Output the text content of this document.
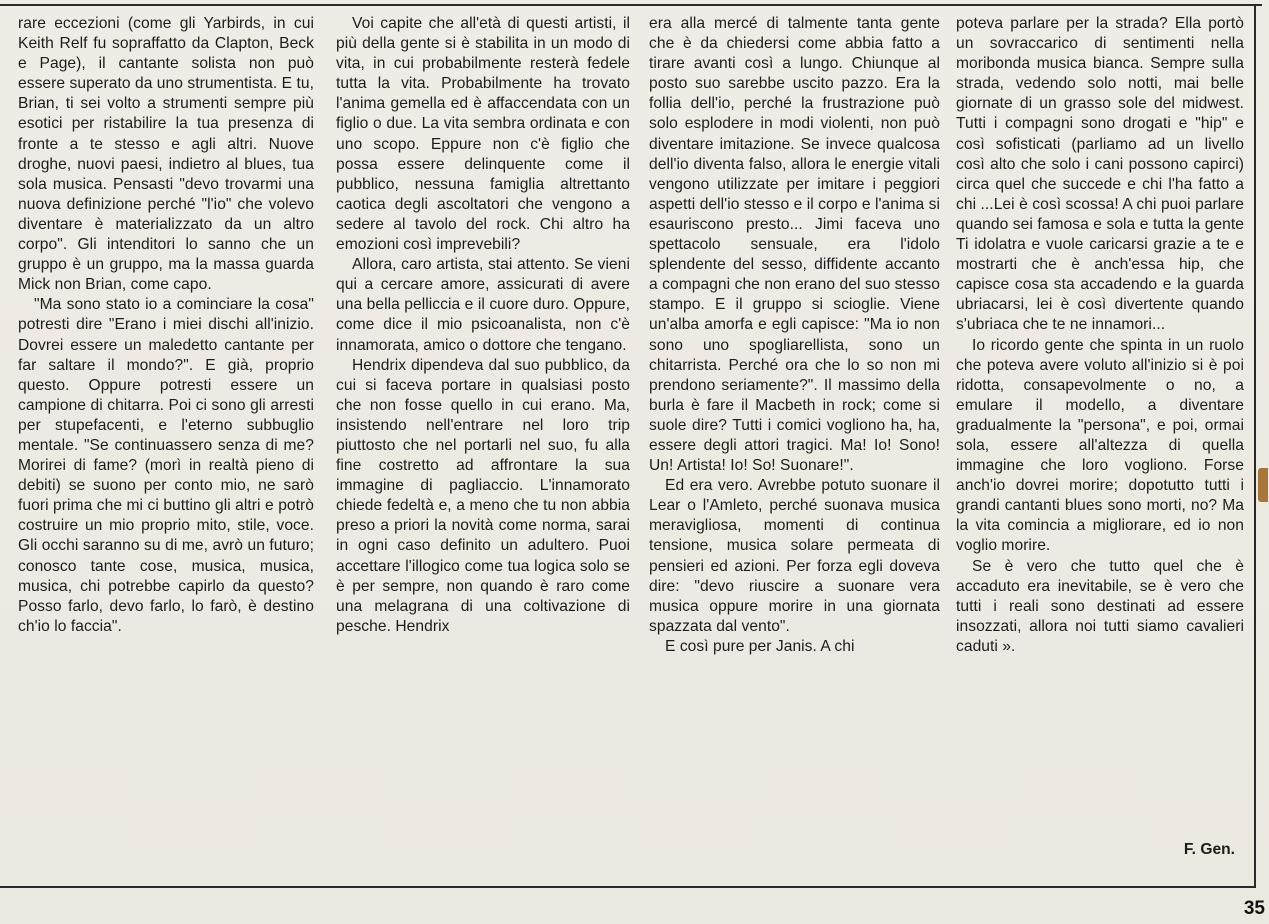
rare eccezioni (come gli Yarbirds, in cui Keith Relf fu sopraffatto da Clapton, Beck e Page), il cantante solista non può essere superato da uno strumentista. E tu, Brian, ti sei volto a strumenti sempre più esotici per ristabilire la tua presenza di fronte a te stesso e agli altri. Nuove droghe, nuovi paesi, indietro al blues, tua sola musica. Pensasti "devo trovarmi una nuova definizione perché "l'io" che volevo diventare è materializzato da un altro corpo". Gli intenditori lo sanno che un gruppo è un gruppo, ma la massa guarda Mick non Brian, come capo.

"Ma sono stato io a cominciare la cosa" potresti dire "Erano i miei dischi all'inizio. Dovrei essere un maledetto cantante per far saltare il mondo?". E già, proprio questo. Oppure potresti essere un campione di chitarra. Poi ci sono gli arresti per stupefacenti, e l'eterno subbuglio mentale. "Se continuassero senza di me? Morirei di fame? (morì in realtà pieno di debiti) se suono per conto mio, ne sarò fuori prima che mi ci buttino gli altri e potrò costruire un mio proprio mito, stile, voce. Gli occhi saranno su di me, avrò un futuro; conosco tante cose, musica, musica, musica, chi potrebbe capirlo da questo? Posso farlo, devo farlo, lo farò, è destino ch'io lo faccia".

Voi capite che all'età di questi artisti, il più della gente si è stabilita in un modo di vita, in cui probabilmente resterà fedele tutta la vita. Probabilmente ha trovato l'anima gemella ed è affaccendata con un figlio o due. La vita sembra ordinata e con uno scopo. Eppure non c'è figlio che possa essere delinquente come il pubblico, nessuna famiglia altrettanto caotica degli ascoltatori che vengono a sedere al tavolo del rock. Chi altro ha emozioni così imprevebili?

Allora, caro artista, stai attento. Se vieni qui a cercare amore, assicurati di avere una bella pelliccia e il cuore duro. Oppure, come dice il mio psicoanalista, non c'è innamorata, amico o dottore che tengano.

Hendrix dipendeva dal suo pubblico, da cui si faceva portare in qualsiasi posto che non fosse quello in cui erano. Ma, insistendo nell'entrare nel loro trip piuttosto che nel portarli nel suo, fu alla fine costretto ad affrontare la sua immagine di pagliaccio. L'innamorato chiede fedeltà e, a meno che tu non abbia preso a priori la novità come norma, sarai in ogni caso definito un adultero. Puoi accettare l'illogico come tua logica solo se è per sempre, non quando è raro come una melagrana di una coltivazione di pesche. Hendrix

era alla mercé di talmente tanta gente che è da chiedersi come abbia fatto a tirare avanti così a lungo. Chiunque al posto suo sarebbe uscito pazzo. Era la follia dell'io, perché la frustrazione può solo esplodere in modi violenti, non può diventare imitazione. Se invece qualcosa dell'io diventa falso, allora le energie vitali vengono utilizzate per imitare i peggiori aspetti dell'io stesso e il corpo e l'anima si esauriscono presto... Jimi faceva uno spettacolo sensuale, era l'idolo splendente del sesso, diffidente accanto a compagni che non erano del suo stesso stampo. E il gruppo si scioglie. Viene un'alba amorfa e egli capisce: "Ma io non sono uno spogliarellista, sono un chitarrista. Perché ora che lo so non mi prendono seriamente?". Il massimo della burla è fare il Macbeth in rock; come si suole dire? Tutti i comici vogliono ha, ha, essere degli attori tragici. Ma! Io! Sono! Un! Artista! Io! So! Suonare!".

Ed era vero. Avrebbe potuto suonare il Lear o l'Amleto, perché suonava musica meravigliosa, momenti di continua tensione, musica solare permeata di pensieri ed azioni. Per forza egli doveva dire: "devo riuscire a suonare vera musica oppure morire in una giornata spazzata dal vento".

E così pure per Janis. A chi

poteva parlare per la strada? Ella portò un sovraccarico di sentimenti nella moribonda musica bianca. Sempre sulla strada, vedendo solo notti, mai belle giornate di un grasso sole del midwest. Tutti i compagni sono drogati e "hip" e così sofisticati (parliamo ad un livello così alto che solo i cani possono capirci) circa quel che succede e chi l'ha fatto a chi ...Lei è così scossa! A chi puoi parlare quando sei famosa e sola e tutta la gente Ti idolatra e vuole caricarsi grazie a te e mostrarti che è anch'essa hip, che capisce cosa sta accadendo e la guarda ubriacarsi, lei è così divertente quando s'ubriaca che te ne innamori...

Io ricordo gente che spinta in un ruolo che poteva avere voluto all'inizio si è poi ridotta, consapevolmente o no, a emulare il modello, a diventare gradualmente la "persona", e poi, ormai sola, essere all'altezza di quella immagine che loro vogliono. Forse anch'io dovrei morire; dopotutto tutti i grandi cantanti blues sono morti, no? Ma la vita comincia a migliorare, ed io non voglio morire.

Se è vero che tutto quel che è accaduto era inevitabile, se è vero che tutti i reali sono destinati ad essere insozzati, allora noi tutti siamo cavalieri caduti ».

F. Gen.
35
